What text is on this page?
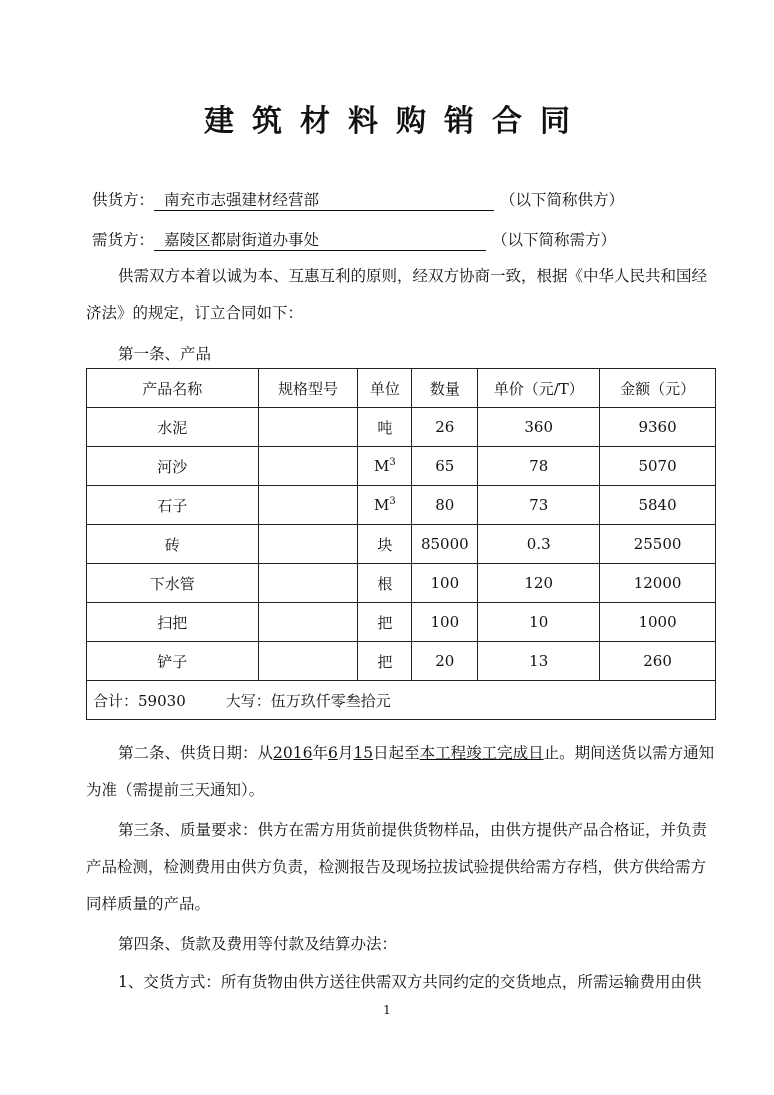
建筑材料购销合同
供货方： 南充市志强建材经营部	（以下简称供方）
需货方： 嘉陵区都尉街道办事处	（以下简称需方）
供需双方本着以诚为本、互惠互利的原则，经双方协商一致，根据《中华人民共和国经济法》的规定，订立合同如下：
第一条、产品
产品名称	规格型号	单位	数量	单价（元/T）	金额（元）
水泥		吨	26	360	9360
河沙		$M^3$	65	78	5070
石子		$M^3$	80	73	5840
砖		块	85000	0.3	25500
下水管		根	100	120	12000
扫把		把	100	10	1000
铲子		把	20	13	260
合计：59030 大写：伍万玖仟零叁拾元					
第二条、供货日期：从2016年6月15日起至本工程竣工完成日止。期间送货以需方通知为准（需提前三天通知）。
第三条、质量要求：供方在需方用货前提供货物样品，由供方提供产品合格证，并负责产品检测，检测费用由供方负责，检测报告及现场拉拔试验提供给需方存档，供方供给需方同样质量的产品。
第四条、货款及费用等付款及结算办法：
1、交货方式：所有货物由供方送往供需双方共同约定的交货地点，所需运输费用由供
1
